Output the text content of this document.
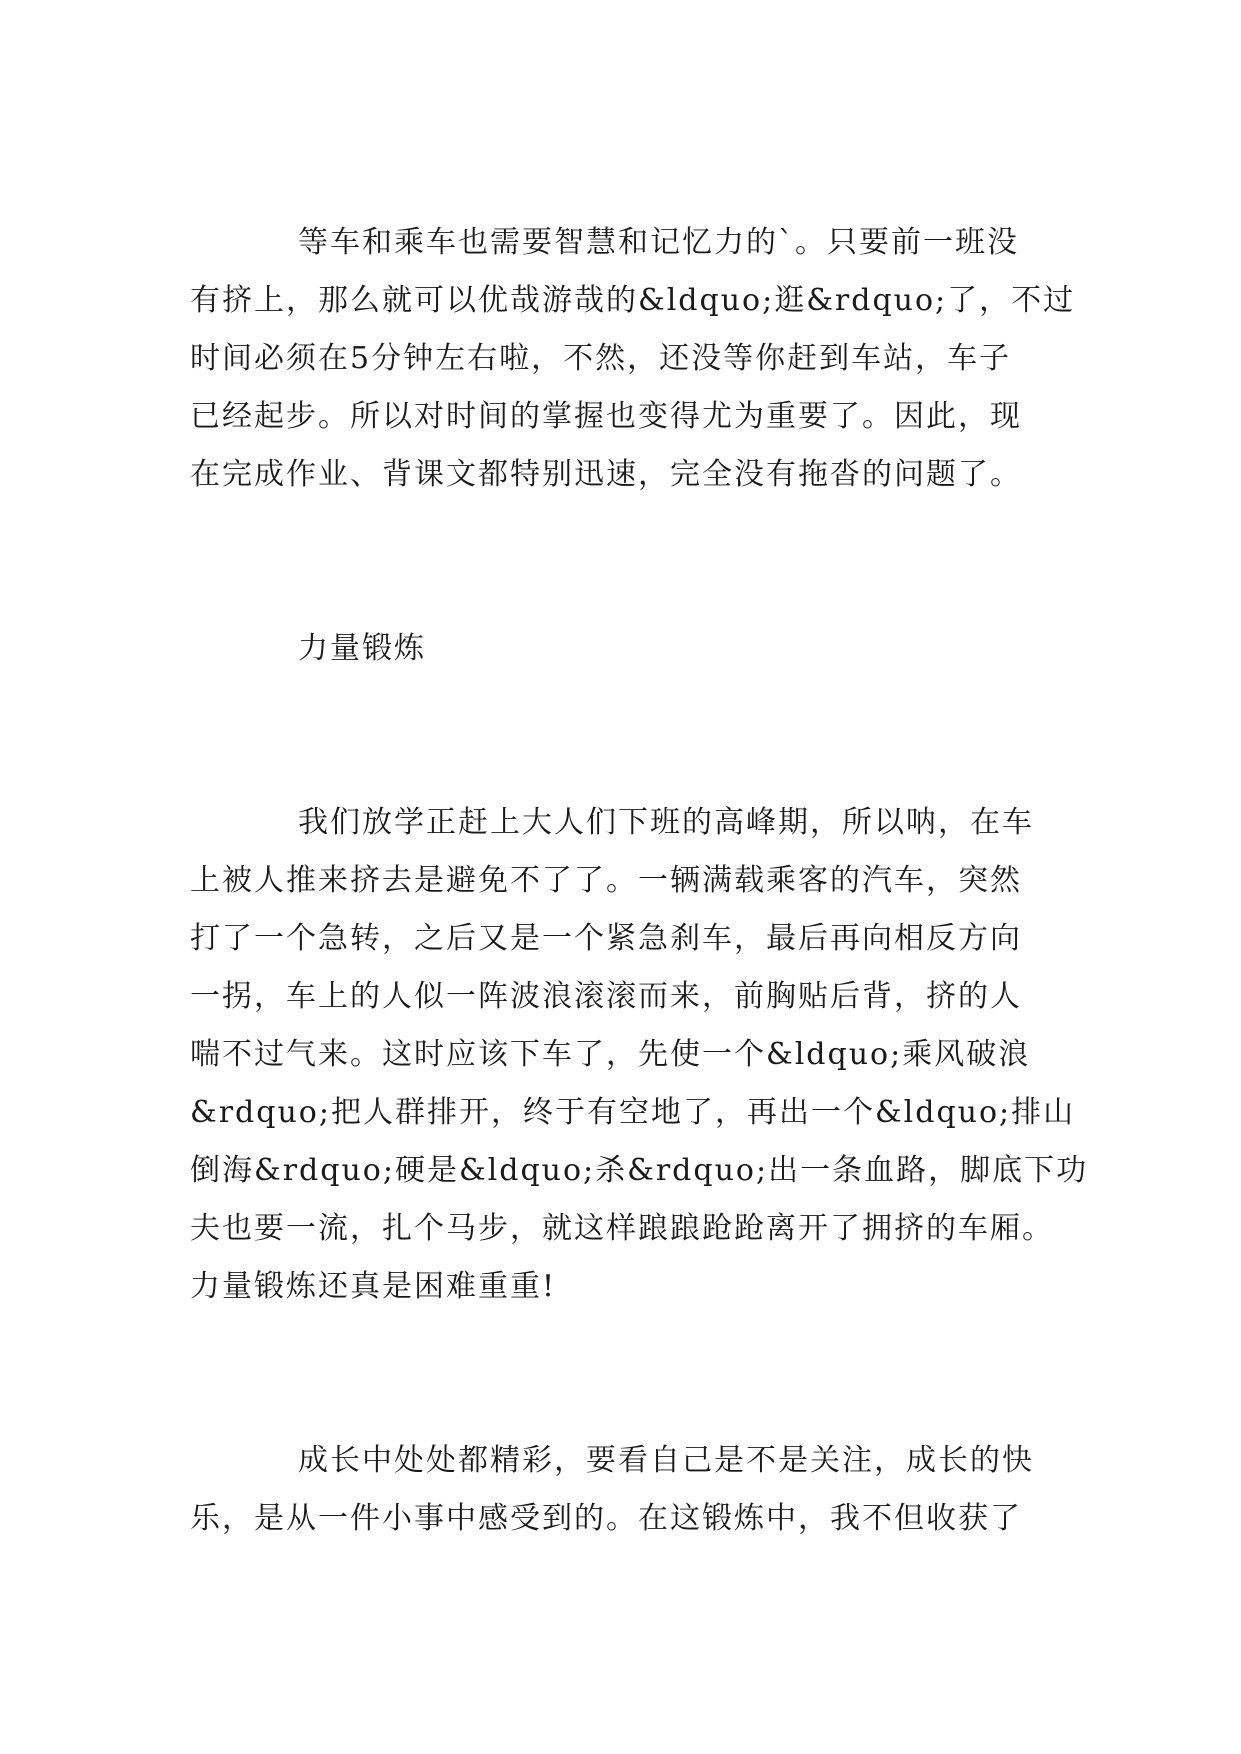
等车和乘车也需要智慧和记忆力的`。只要前一班没
有挤上，那么就可以优哉游哉的&ldquo;逛&rdquo;了，不过
时间必须在5分钟左右啦，不然，还没等你赶到车站，车子
已经起步。所以对时间的掌握也变得尤为重要了。因此，现
在完成作业、背课文都特别迅速，完全没有拖沓的问题了。
力量锻炼
我们放学正赶上大人们下班的高峰期，所以呐，在车
上被人推来挤去是避免不了了。一辆满载乘客的汽车，突然
打了一个急转，之后又是一个紧急刹车，最后再向相反方向
一拐，车上的人似一阵波浪滚滚而来，前胸贴后背，挤的人
喘不过气来。这时应该下车了，先使一个&ldquo;乘风破浪
&rdquo;把人群排开，终于有空地了，再出一个&ldquo;排山
倒海&rdquo;硬是&ldquo;杀&rdquo;出一条血路，脚底下功
夫也要一流，扎个马步，就这样踉踉跄跄离开了拥挤的车厢。
力量锻炼还真是困难重重!
成长中处处都精彩，要看自己是不是关注，成长的快
乐，是从一件小事中感受到的。在这锻炼中，我不但收获了
